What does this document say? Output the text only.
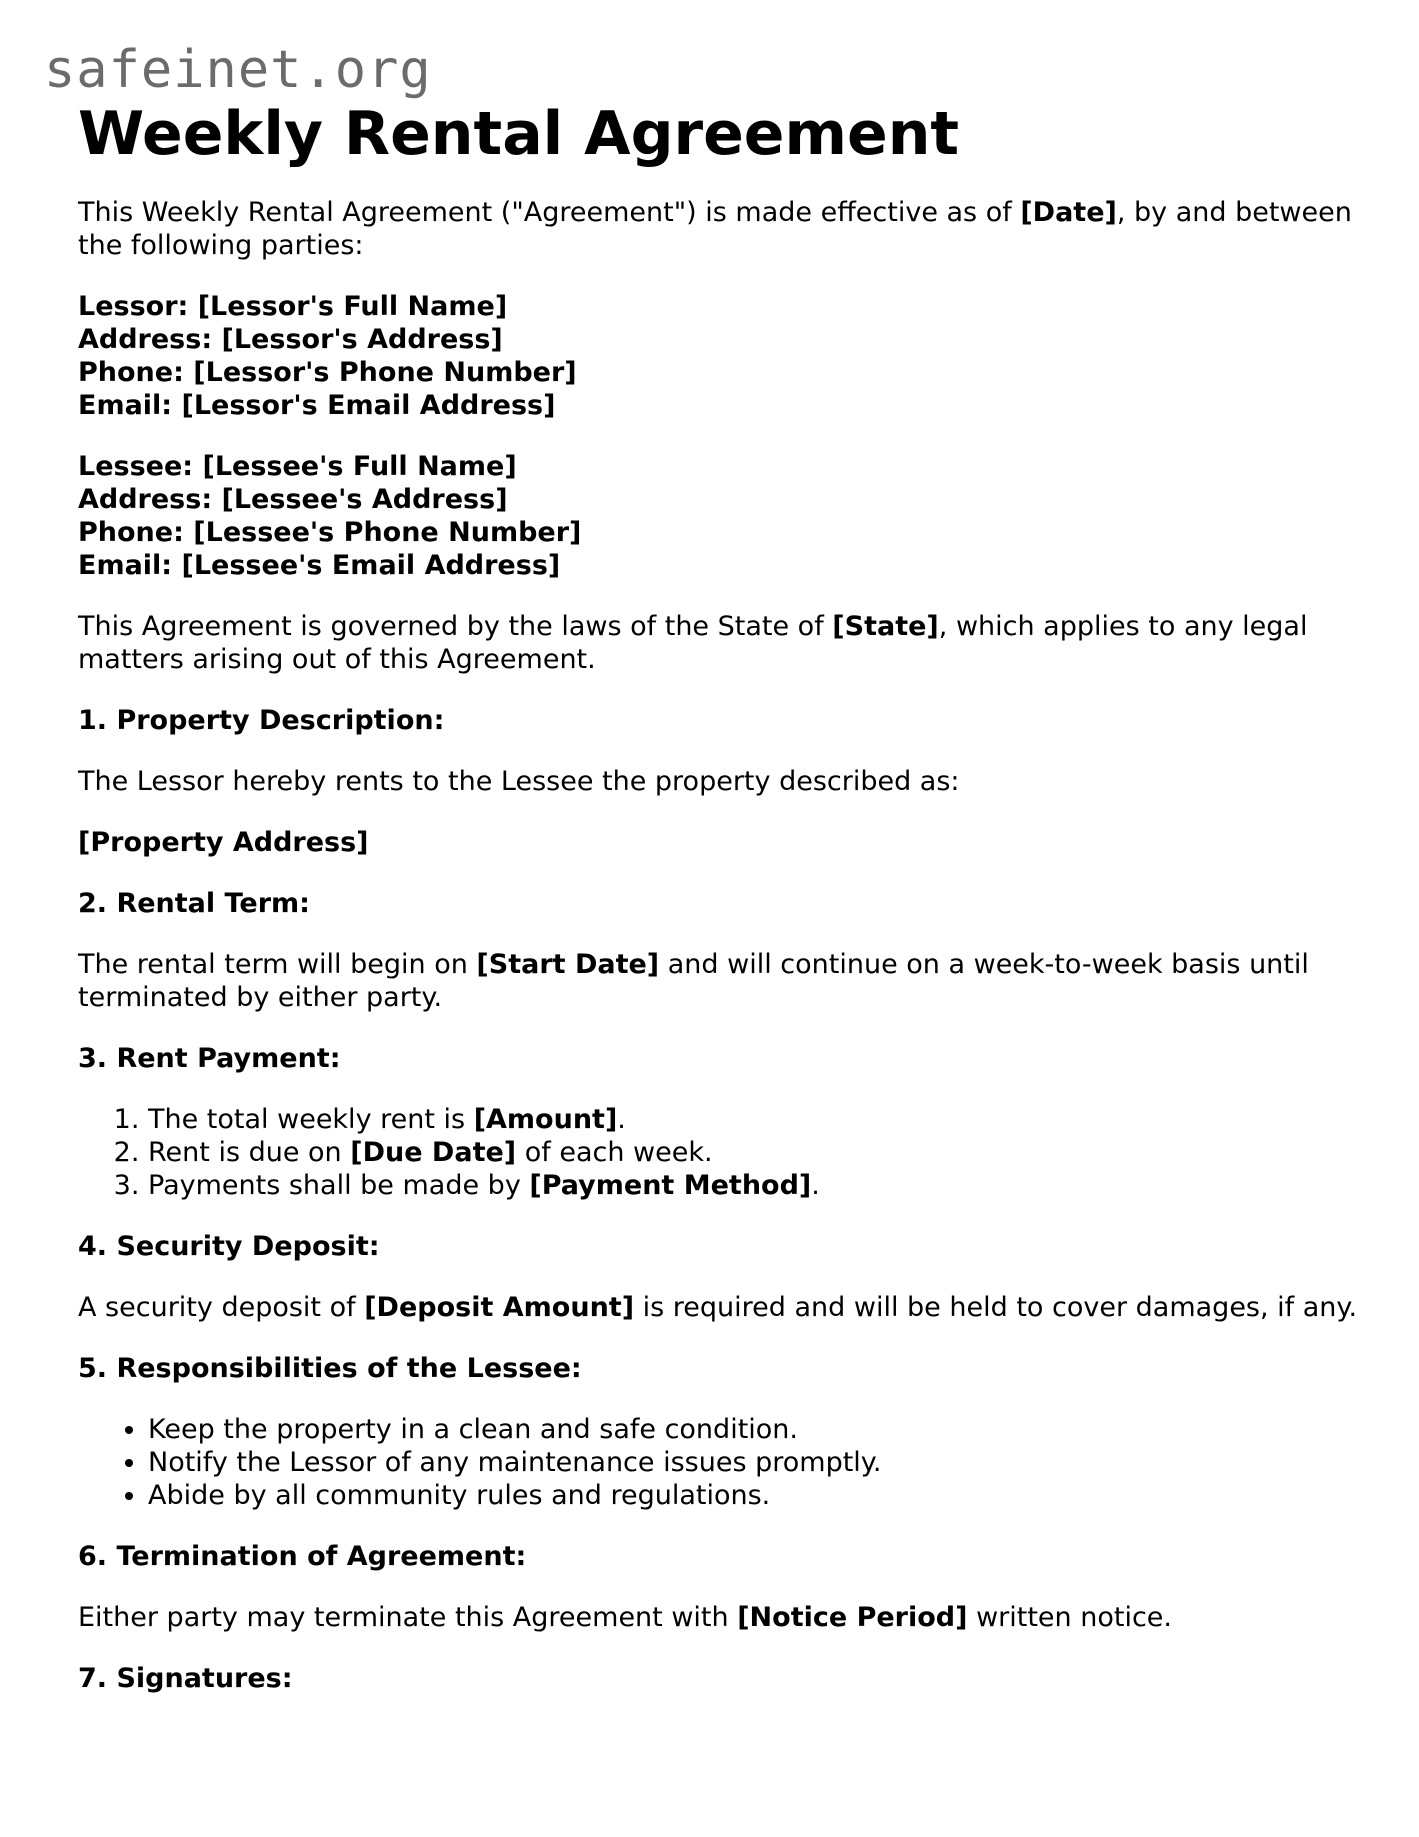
safeinet.org
Weekly Rental Agreement

This Weekly Rental Agreement ("Agreement") is made effective as of [Date], by and between the following parties:

Lessor: [Lessor's Full Name]
Address: [Lessor's Address]
Phone: [Lessor's Phone Number]
Email: [Lessor's Email Address]
Lessee: [Lessee's Full Name]
Address: [Lessee's Address]
Phone: [Lessee's Phone Number]
Email: [Lessee's Email Address]

This Agreement is governed by the laws of the State of [State], which applies to any legal matters arising out of this Agreement.

1. Property Description:

The Lessor hereby rents to the Lessee the property described as:

[Property Address]

2. Rental Term:

The rental term will begin on [Start Date] and will continue on a week-to-week basis until terminated by either party.

3. Rent Payment:
1. The total weekly rent is [Amount].
2. Rent is due on [Due Date] of each week.
3. Payments shall be made by [Payment Method].
4. Security Deposit:

A security deposit of [Deposit Amount] is required and will be held to cover damages, if any.

5. Responsibilities of the Lessee:
• Keep the property in a clean and safe condition.
• Notify the Lessor of any maintenance issues promptly.
• Abide by all community rules and regulations.
6. Termination of Agreement:

Either party may terminate this Agreement with [Notice Period] written notice.

7. Signatures:
